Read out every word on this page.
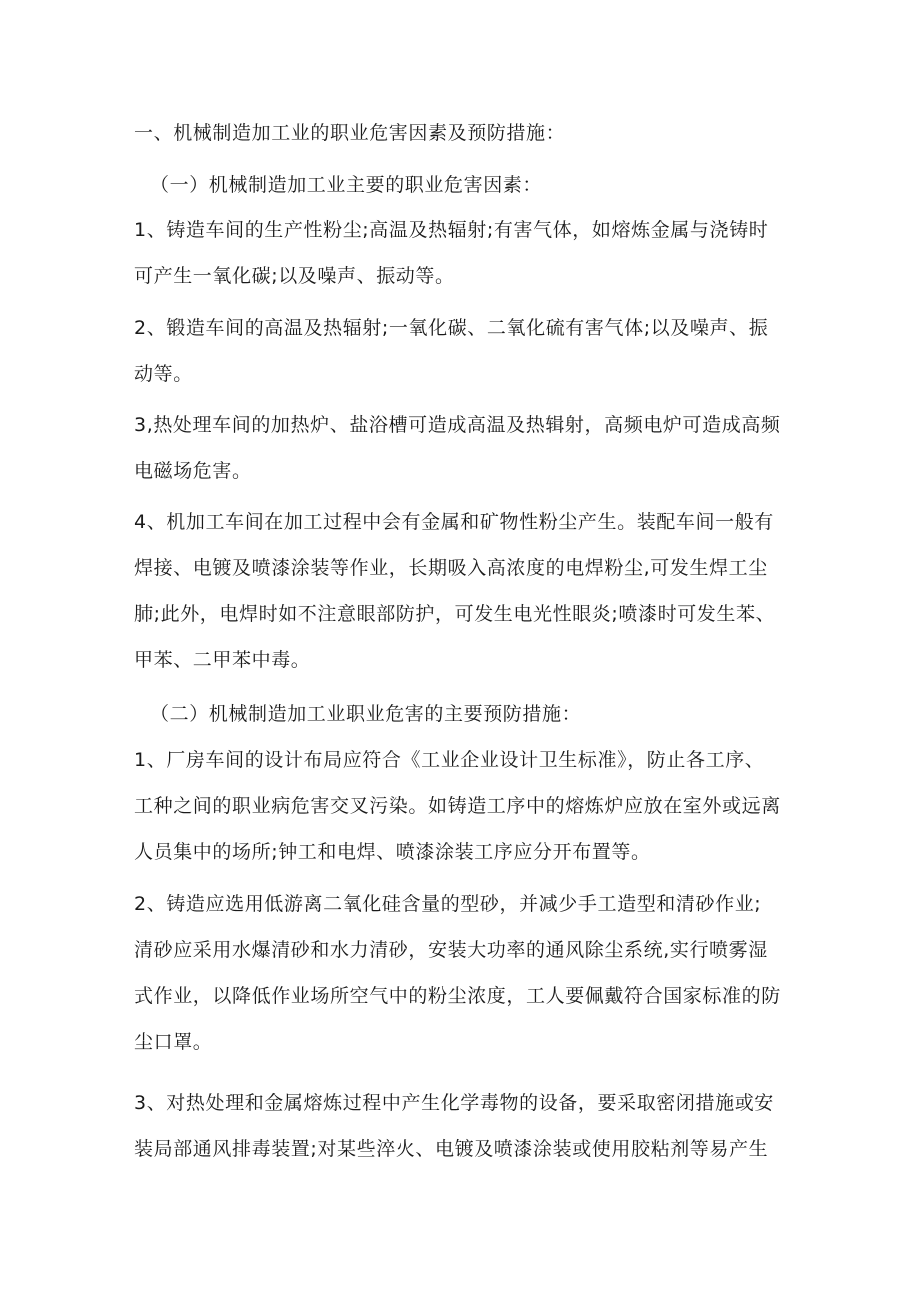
一、机械制造加工业的职业危害因素及预防措施：
（一）机械制造加工业主要的职业危害因素：
1、铸造车间的生产性粉尘;高温及热辐射;有害气体，如熔炼金属与浇铸时
可产生一氧化碳;以及噪声、振动等。
2、锻造车间的高温及热辐射;一氧化碳、二氧化硫有害气体;以及噪声、振
动等。
3,热处理车间的加热炉、盐浴槽可造成高温及热辑射，高频电炉可造成高频
电磁场危害。
4、机加工车间在加工过程中会有金属和矿物性粉尘产生。装配车间一般有
焊接、电镀及喷漆涂装等作业，长期吸入高浓度的电焊粉尘,可发生焊工尘
肺;此外，电焊时如不注意眼部防护，可发生电光性眼炎;喷漆时可发生苯、
甲苯、二甲苯中毒。
（二）机械制造加工业职业危害的主要预防措施：
1、厂房车间的设计布局应符合《工业企业设计卫生标准》，防止各工序、
工种之间的职业病危害交叉污染。如铸造工序中的熔炼炉应放在室外或远离
人员集中的场所;钟工和电焊、喷漆涂装工序应分开布置等。
2、铸造应选用低游离二氧化硅含量的型砂，并减少手工造型和清砂作业;
清砂应采用水爆清砂和水力清砂，安装大功率的通风除尘系统,实行喷雾湿
式作业，以降低作业场所空气中的粉尘浓度，工人要佩戴符合国家标准的防
尘口罩。
3、对热处理和金属熔炼过程中产生化学毒物的设备，要采取密闭措施或安
装局部通风排毒装置;对某些淬火、电镀及喷漆涂装或使用胶粘剂等易产生
